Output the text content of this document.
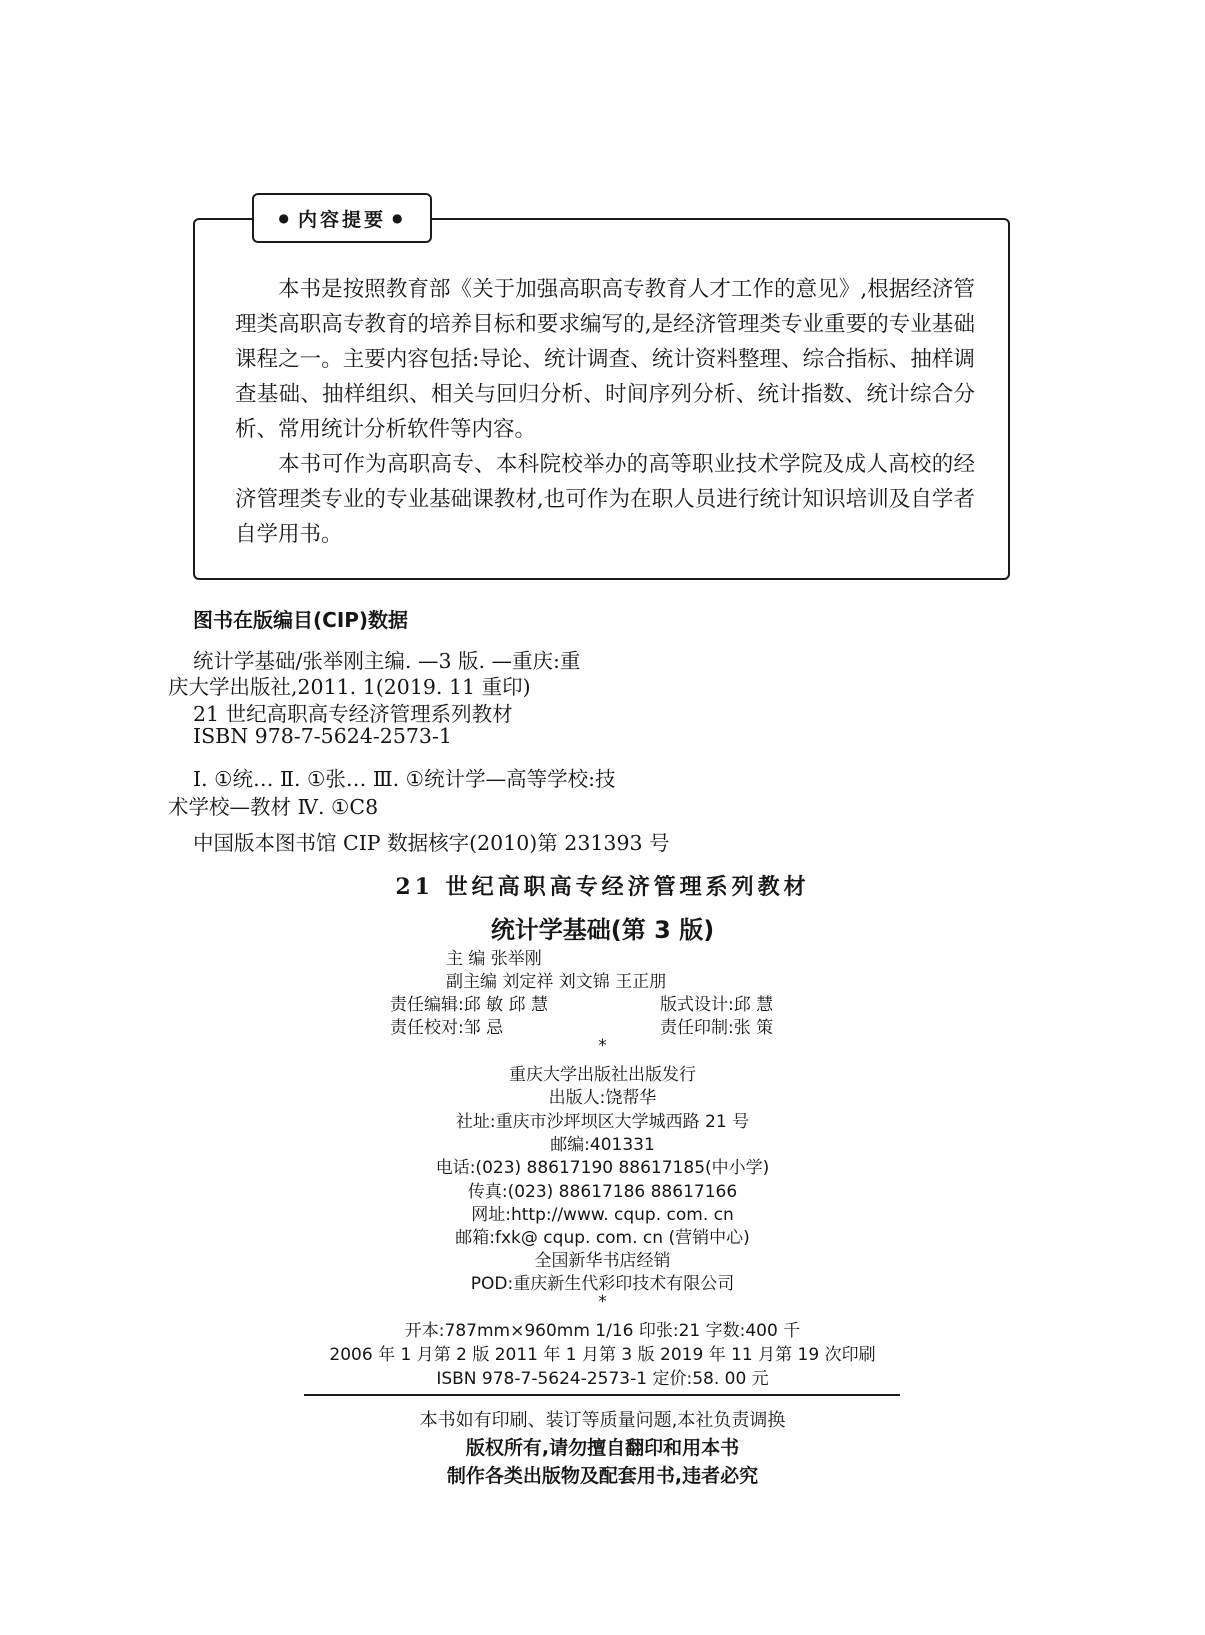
● 内容提要 ●

本书是按照教育部《关于加强高职高专教育人才工作的意见》,根据经济管理类高职高专教育的培养目标和要求编写的,是经济管理类专业重要的专业基础课程之一。主要内容包括:导论、统计调查、统计资料整理、综合指标、抽样调查基础、抽样组织、相关与回归分析、时间序列分析、统计指数、统计综合分析、常用统计分析软件等内容。

本书可作为高职高专、本科院校举办的高等职业技术学院及成人高校的经济管理类专业的专业基础课教材,也可作为在职人员进行统计知识培训及自学者自学用书。

图书在版编目(CIP)数据
统计学基础/张举刚主编. —3 版. —重庆:重
庆大学出版社,2011. 1(2019. 11 重印)
21 世纪高职高专经济管理系列教材
ISBN 978-7-5624-2573-1
Ⅰ. ①统… Ⅱ. ①张… Ⅲ. ①统计学—高等学校:技
术学校—教材 Ⅳ. ①C8
中国版本图书馆 CIP 数据核字(2010)第 231393 号
21 世纪高职高专经济管理系列教材
统计学基础(第 3 版)
主 编 张举刚
副主编 刘定祥 刘文锦 王正朋
责任编辑:邱 敏 邱 慧	版式设计:邱 慧
责任校对:邹 忌	责任印制:张 策
*
重庆大学出版社出版发行
出版人:饶帮华
社址:重庆市沙坪坝区大学城西路 21 号
邮编:401331
电话:(023) 88617190 88617185(中小学)
传真:(023) 88617186 88617166
网址:http://www. cqup. com. cn
邮箱:fxk@ cqup. com. cn (营销中心)
全国新华书店经销
POD:重庆新生代彩印技术有限公司
*
开本:787mm×960mm 1/16 印张:21 字数:400 千
2006 年 1 月第 2 版 2011 年 1 月第 3 版 2019 年 11 月第 19 次印刷
ISBN 978-7-5624-2573-1 定价:58. 00 元
本书如有印刷、装订等质量问题,本社负责调换
版权所有,请勿擅自翻印和用本书
制作各类出版物及配套用书,违者必究
